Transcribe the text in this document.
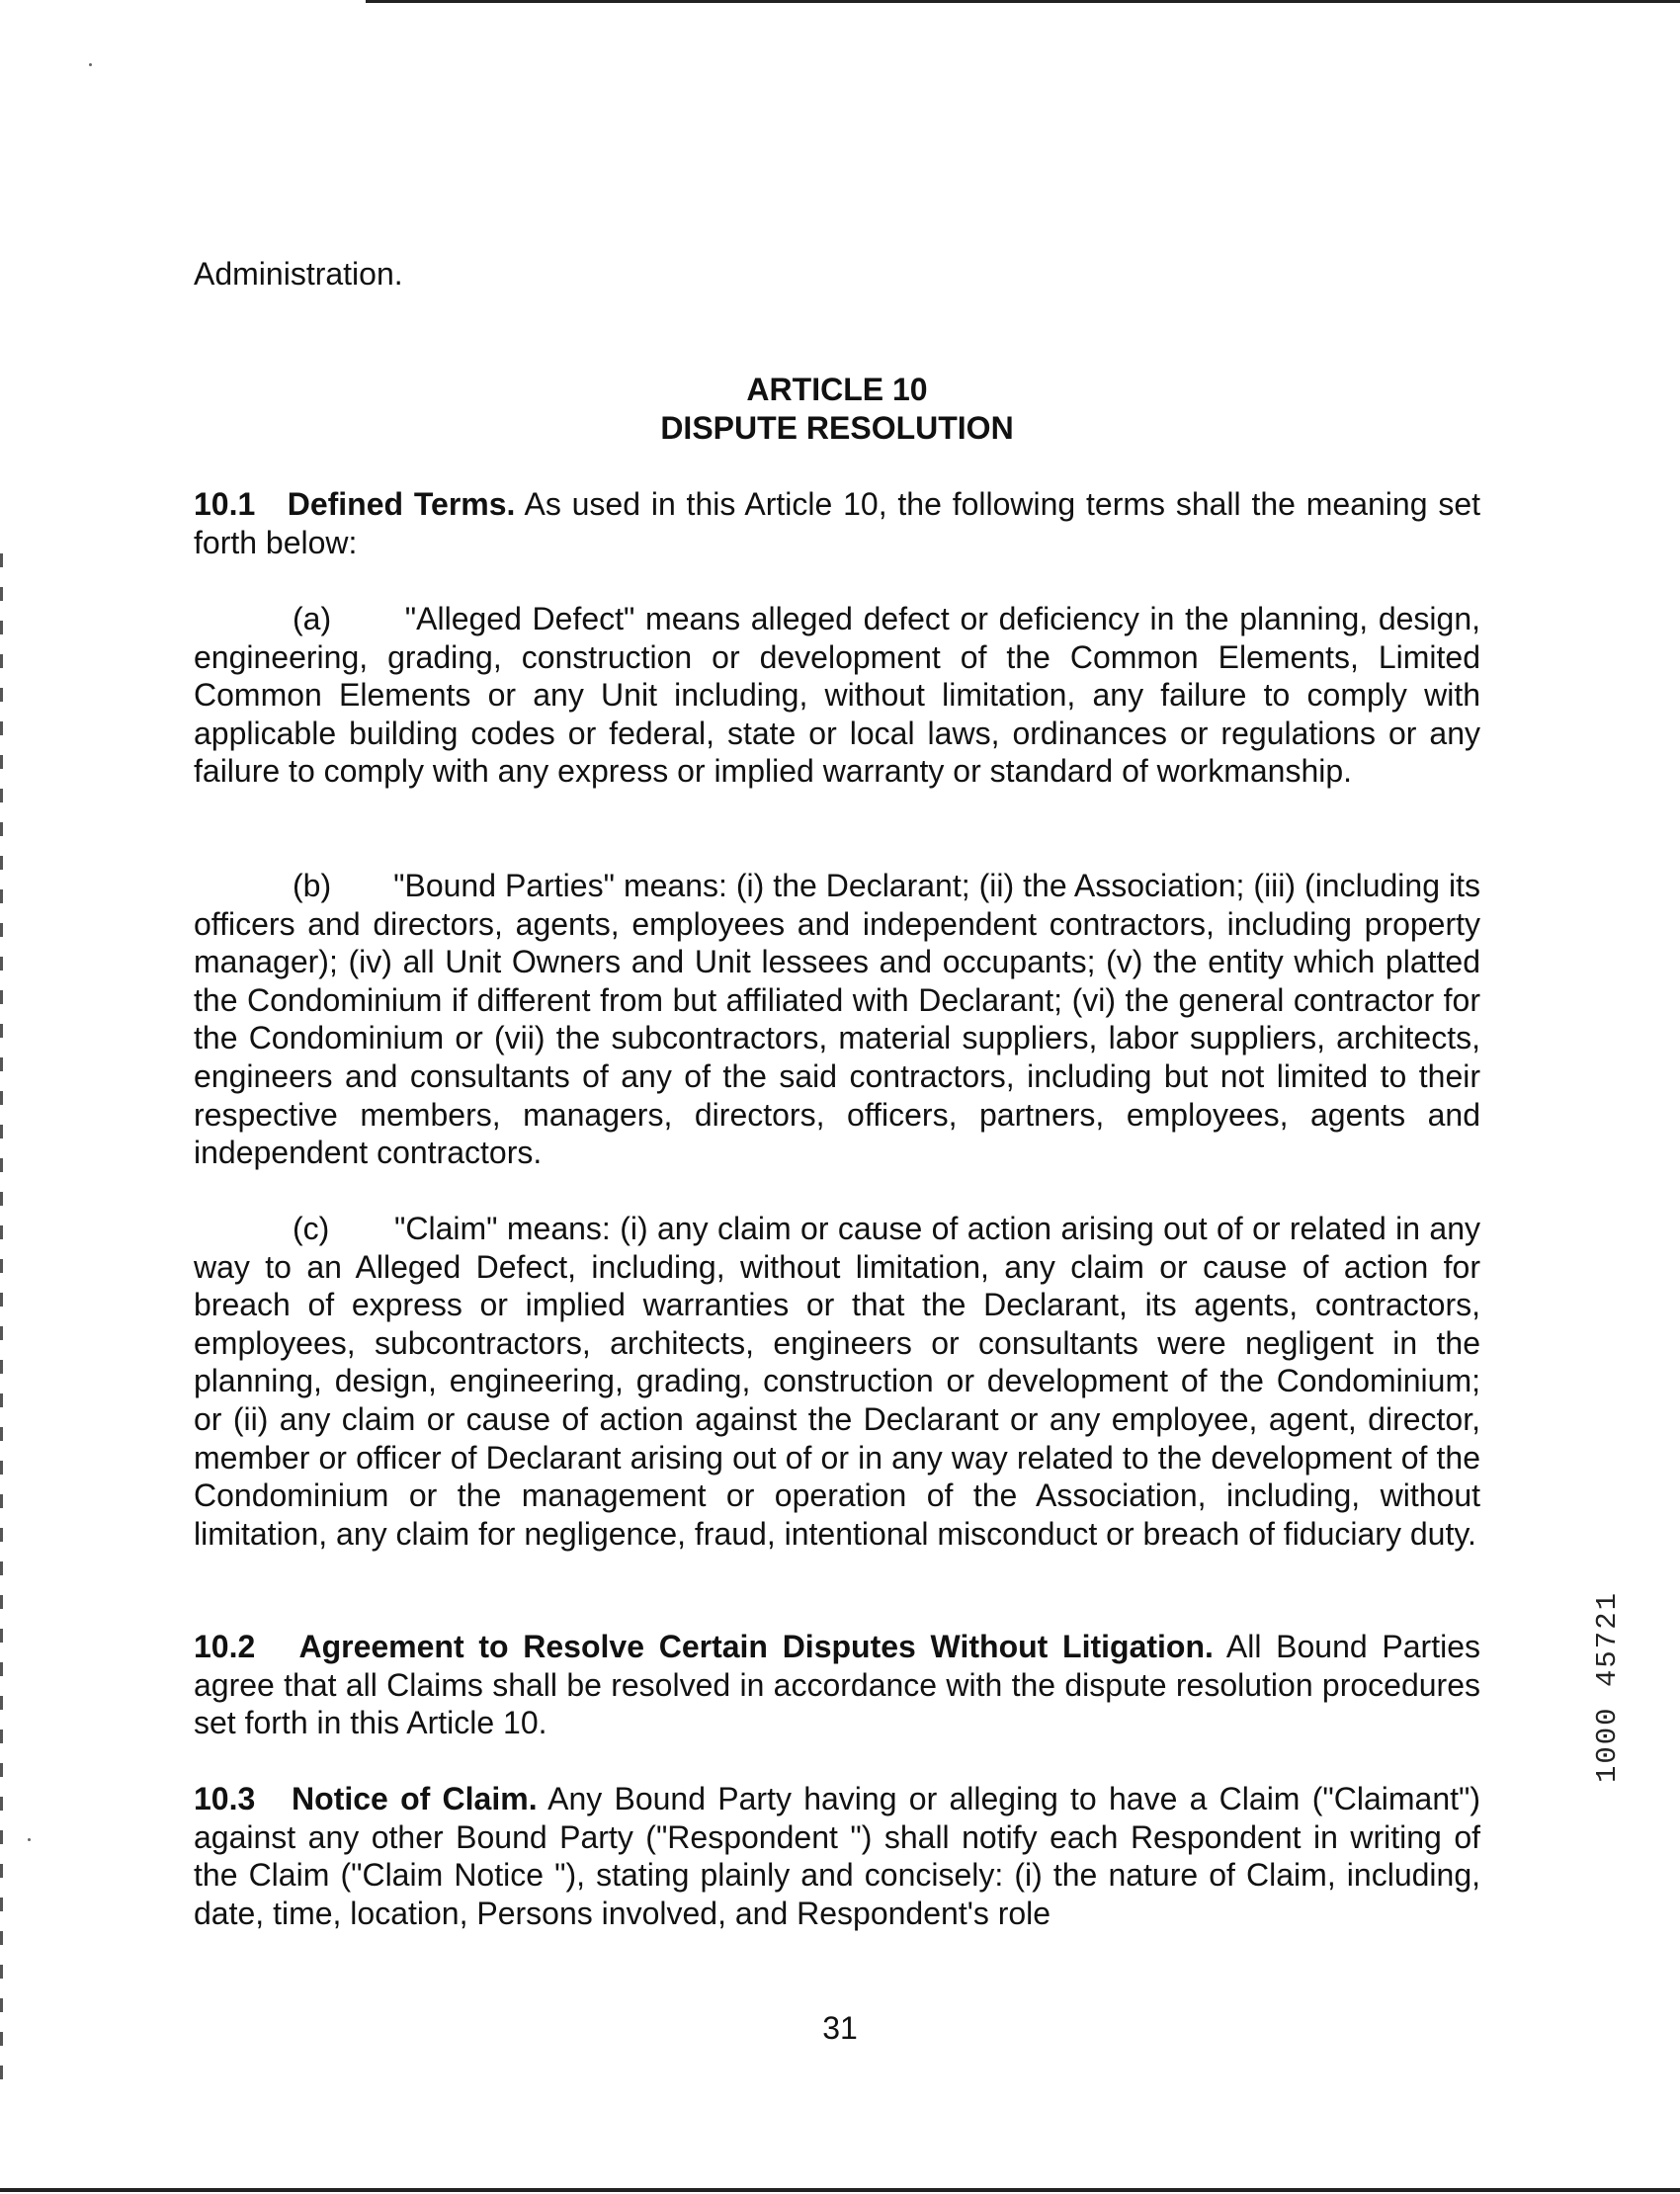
Administration.

ARTICLE 10

DISPUTE RESOLUTION

10.1 Defined Terms. As used in this Article 10, the following terms shall the meaning set forth below:

(a) "Alleged Defect" means alleged defect or deficiency in the planning, design, engineering, grading, construction or development of the Common Elements, Limited Common Elements or any Unit including, without limitation, any failure to comply with applicable building codes or federal, state or local laws, ordinances or regulations or any failure to comply with any express or implied warranty or standard of workmanship.

(b) "Bound Parties" means: (i) the Declarant; (ii) the Association; (iii) (including its officers and directors, agents, employees and independent contractors, including property manager); (iv) all Unit Owners and Unit lessees and occupants; (v) the entity which platted the Condominium if different from but affiliated with Declarant; (vi) the general contractor for the Condominium or (vii) the subcontractors, material suppliers, labor suppliers, architects, engineers and consultants of any of the said contractors, including but not limited to their respective members, managers, directors, officers, partners, employees, agents and independent contractors.

(c) "Claim" means: (i) any claim or cause of action arising out of or related in any way to an Alleged Defect, including, without limitation, any claim or cause of action for breach of express or implied warranties or that the Declarant, its agents, contractors, employees, subcontractors, architects, engineers or consultants were negligent in the planning, design, engineering, grading, construction or development of the Condominium; or (ii) any claim or cause of action against the Declarant or any employee, agent, director, member or officer of Declarant arising out of or in any way related to the development of the Condominium or the management or operation of the Association, including, without limitation, any claim for negligence, fraud, intentional misconduct or breach of fiduciary duty.

10.2 Agreement to Resolve Certain Disputes Without Litigation. All Bound Parties agree that all Claims shall be resolved in accordance with the dispute resolution procedures set forth in this Article 10.

10.3 Notice of Claim. Any Bound Party having or alleging to have a Claim ("Claimant") against any other Bound Party ("Respondent ") shall notify each Respondent in writing of the Claim ("Claim Notice "), stating plainly and concisely: (i) the nature of Claim, including, date, time, location, Persons involved, and Respondent's role

31
1000 45721
